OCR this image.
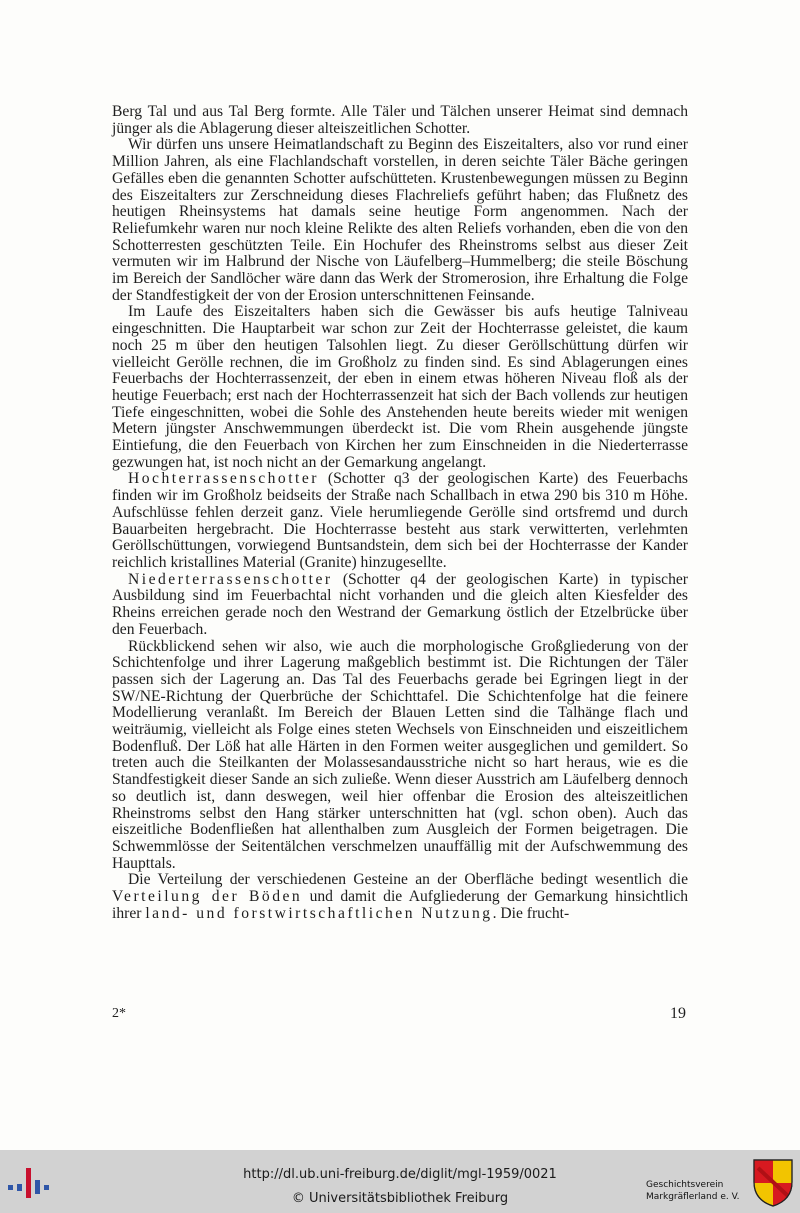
Berg Tal und aus Tal Berg formte. Alle Täler und Tälchen unserer Heimat sind demnach jünger als die Ablagerung dieser alteiszeitlichen Schotter.

Wir dürfen uns unsere Heimatlandschaft zu Beginn des Eiszeitalters, also vor rund einer Million Jahren, als eine Flachlandschaft vorstellen, in deren seichte Täler Bäche geringen Gefälles eben die genannten Schotter aufschütteten. Krustenbewegungen müssen zu Beginn des Eiszeitalters zur Zerschneidung dieses Flachreliefs geführt haben; das Flußnetz des heutigen Rheinsystems hat damals seine heutige Form angenommen. Nach der Reliefumkehr waren nur noch kleine Relikte des alten Reliefs vorhanden, eben die von den Schotterresten geschützten Teile. Ein Hochufer des Rheinstroms selbst aus dieser Zeit vermuten wir im Halbrund der Nische von Läufelberg–Hummelberg; die steile Böschung im Bereich der Sandlöcher wäre dann das Werk der Stromerosion, ihre Erhaltung die Folge der Standfestigkeit der von der Erosion unterschnittenen Feinsande.

Im Laufe des Eiszeitalters haben sich die Gewässer bis aufs heutige Talniveau eingeschnitten. Die Hauptarbeit war schon zur Zeit der Hochterrasse geleistet, die kaum noch 25 m über den heutigen Talsohlen liegt. Zu dieser Geröllschüttung dürfen wir vielleicht Gerölle rechnen, die im Großholz zu finden sind. Es sind Ablagerungen eines Feuerbachs der Hochterrassenzeit, der eben in einem etwas höheren Niveau floß als der heutige Feuerbach; erst nach der Hochterrassenzeit hat sich der Bach vollends zur heutigen Tiefe eingeschnitten, wobei die Sohle des Anstehenden heute bereits wieder mit wenigen Metern jüngster Anschwemmungen überdeckt ist. Die vom Rhein ausgehende jüngste Eintiefung, die den Feuerbach von Kirchen her zum Einschneiden in die Niederterrasse gezwungen hat, ist noch nicht an der Gemarkung angelangt.

Hochterrassenschotter (Schotter q3 der geologischen Karte) des Feuerbachs finden wir im Großholz beidseits der Straße nach Schallbach in etwa 290 bis 310 m Höhe. Aufschlüsse fehlen derzeit ganz. Viele herumliegende Gerölle sind ortsfremd und durch Bauarbeiten hergebracht. Die Hochterrasse besteht aus stark verwitterten, verlehmten Geröllschüttungen, vorwiegend Buntsandstein, dem sich bei der Hochterrasse der Kander reichlich kristallines Material (Granite) hinzugesellte.

Niederterrassenschotter (Schotter q4 der geologischen Karte) in typischer Ausbildung sind im Feuerbachtal nicht vorhanden und die gleich alten Kiesfelder des Rheins erreichen gerade noch den Westrand der Gemarkung östlich der Etzelbrücke über den Feuerbach.

Rückblickend sehen wir also, wie auch die morphologische Großgliederung von der Schichtenfolge und ihrer Lagerung maßgeblich bestimmt ist. Die Richtungen der Täler passen sich der Lagerung an. Das Tal des Feuerbachs gerade bei Egringen liegt in der SW/NE-Richtung der Querbrüche der Schichttafel. Die Schichtenfolge hat die feinere Modellierung veranlaßt. Im Bereich der Blauen Letten sind die Talhänge flach und weiträumig, vielleicht als Folge eines steten Wechsels von Einschneiden und eiszeitlichem Bodenfluß. Der Löß hat alle Härten in den Formen weiter ausgeglichen und gemildert. So treten auch die Steilkanten der Molassesandausstriche nicht so hart heraus, wie es die Standfestigkeit dieser Sande an sich zuließe. Wenn dieser Ausstrich am Läufelberg dennoch so deutlich ist, dann deswegen, weil hier offenbar die Erosion des alteiszeitlichen Rheinstroms selbst den Hang stärker unterschnitten hat (vgl. schon oben). Auch das eiszeitliche Bodenfließen hat allenthalben zum Ausgleich der Formen beigetragen. Die Schwemmlösse der Seitentälchen verschmelzen unauffällig mit der Aufschwemmung des Haupttals.

Die Verteilung der verschiedenen Gesteine an der Oberfläche bedingt wesentlich die Verteilung der Böden und damit die Aufgliederung der Gemarkung hinsichtlich ihrer land- und forstwirtschaftlichen Nutzung. Die frucht-

2*	19
http://dl.ub.uni-freiburg.de/diglit/mgl-1959/0021
© Universitätsbibliothek Freiburg
Geschichtsverein
Markgräflerland e. V.
